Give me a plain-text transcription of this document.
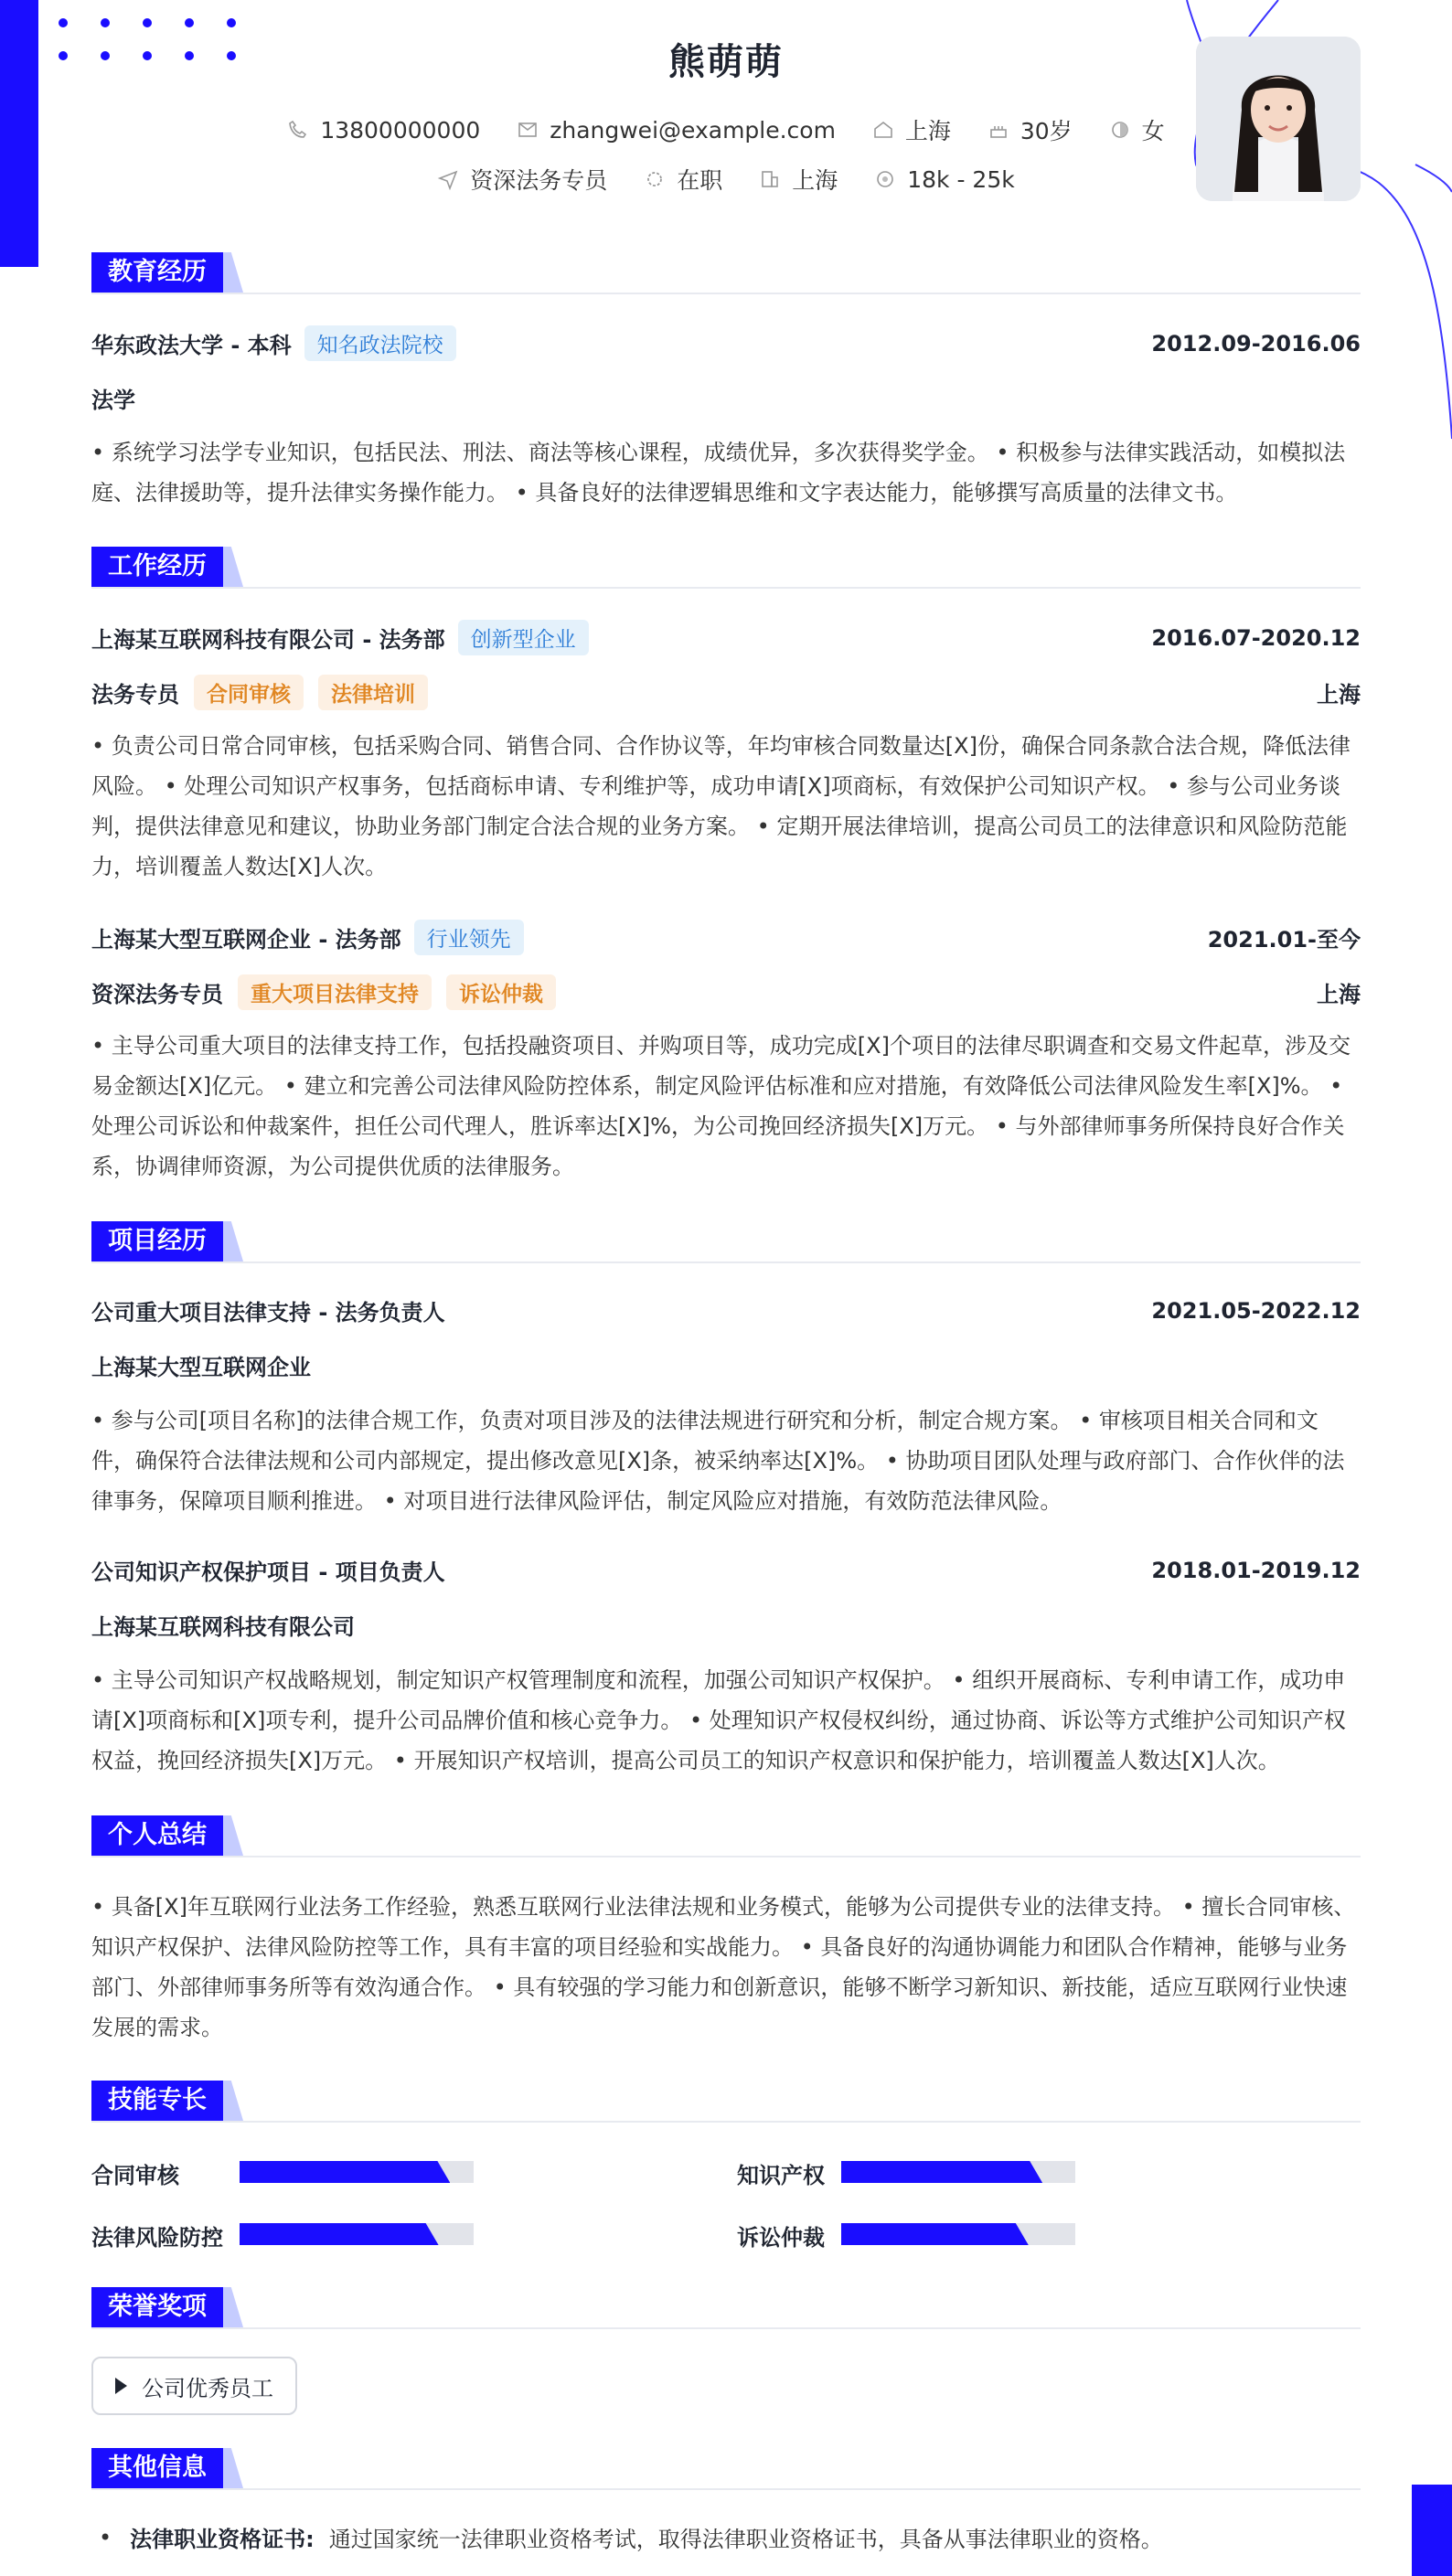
熊萌萌
13800000000
	zhangwei@example.com
	上海
	30岁
	女
资深法务专员
	在职
	上海
	18k - 25k
教育经历
华东政法大学 - 本科	知名政法院校	2012.09-2016.06
法学
• 系统学习法学专业知识，包括民法、刑法、商法等核心课程，成绩优异，多次获得奖学金。 • 积极参与法律实践活动，如模拟法庭、法律援助等，提升法律实务操作能力。 • 具备良好的法律逻辑思维和文字表达能力，能够撰写高质量的法律文书。
工作经历
上海某互联网科技有限公司 - 法务部	创新型企业	2016.07-2020.12
法务专员	合同审核	法律培训	上海
• 负责公司日常合同审核，包括采购合同、销售合同、合作协议等，年均审核合同数量达[X]份，确保合同条款合法合规，降低法律风险。 • 处理公司知识产权事务，包括商标申请、专利维护等，成功申请[X]项商标，有效保护公司知识产权。 • 参与公司业务谈判，提供法律意见和建议，协助业务部门制定合法合规的业务方案。 • 定期开展法律培训，提高公司员工的法律意识和风险防范能力，培训覆盖人数达[X]人次。
上海某大型互联网企业 - 法务部	行业领先	2021.01-至今
资深法务专员	重大项目法律支持	诉讼仲裁	上海
• 主导公司重大项目的法律支持工作，包括投融资项目、并购项目等，成功完成[X]个项目的法律尽职调查和交易文件起草，涉及交易金额达[X]亿元。 • 建立和完善公司法律风险防控体系，制定风险评估标准和应对措施，有效降低公司法律风险发生率[X]%。 • 处理公司诉讼和仲裁案件，担任公司代理人，胜诉率达[X]%，为公司挽回经济损失[X]万元。 • 与外部律师事务所保持良好合作关系，协调律师资源，为公司提供优质的法律服务。
项目经历
公司重大项目法律支持 - 法务负责人	2021.05-2022.12
上海某大型互联网企业
• 参与公司[项目名称]的法律合规工作，负责对项目涉及的法律法规进行研究和分析，制定合规方案。 • 审核项目相关合同和文件，确保符合法律法规和公司内部规定，提出修改意见[X]条，被采纳率达[X]%。 • 协助项目团队处理与政府部门、合作伙伴的法律事务，保障项目顺利推进。 • 对项目进行法律风险评估，制定风险应对措施，有效防范法律风险。
公司知识产权保护项目 - 项目负责人	2018.01-2019.12
上海某互联网科技有限公司
• 主导公司知识产权战略规划，制定知识产权管理制度和流程，加强公司知识产权保护。 • 组织开展商标、专利申请工作，成功申请[X]项商标和[X]项专利，提升公司品牌价值和核心竞争力。 • 处理知识产权侵权纠纷，通过协商、诉讼等方式维护公司知识产权权益，挽回经济损失[X]万元。 • 开展知识产权培训，提高公司员工的知识产权意识和保护能力，培训覆盖人数达[X]人次。
个人总结
• 具备[X]年互联网行业法务工作经验，熟悉互联网行业法律法规和业务模式，能够为公司提供专业的法律支持。 • 擅长合同审核、知识产权保护、法律风险防控等工作，具有丰富的项目经验和实战能力。 • 具备良好的沟通协调能力和团队合作精神，能够与业务部门、外部律师事务所等有效沟通合作。 • 具有较强的学习能力和创新意识，能够不断学习新知识、新技能，适应互联网行业快速发展的需求。
技能专长
合同审核	知识产权
法律风险防控	诉讼仲裁
荣誉奖项
公司优秀员工
其他信息
• 法律职业资格证书: 通过国家统一法律职业资格考试，取得法律职业资格证书，具备从事法律职业的资格。
